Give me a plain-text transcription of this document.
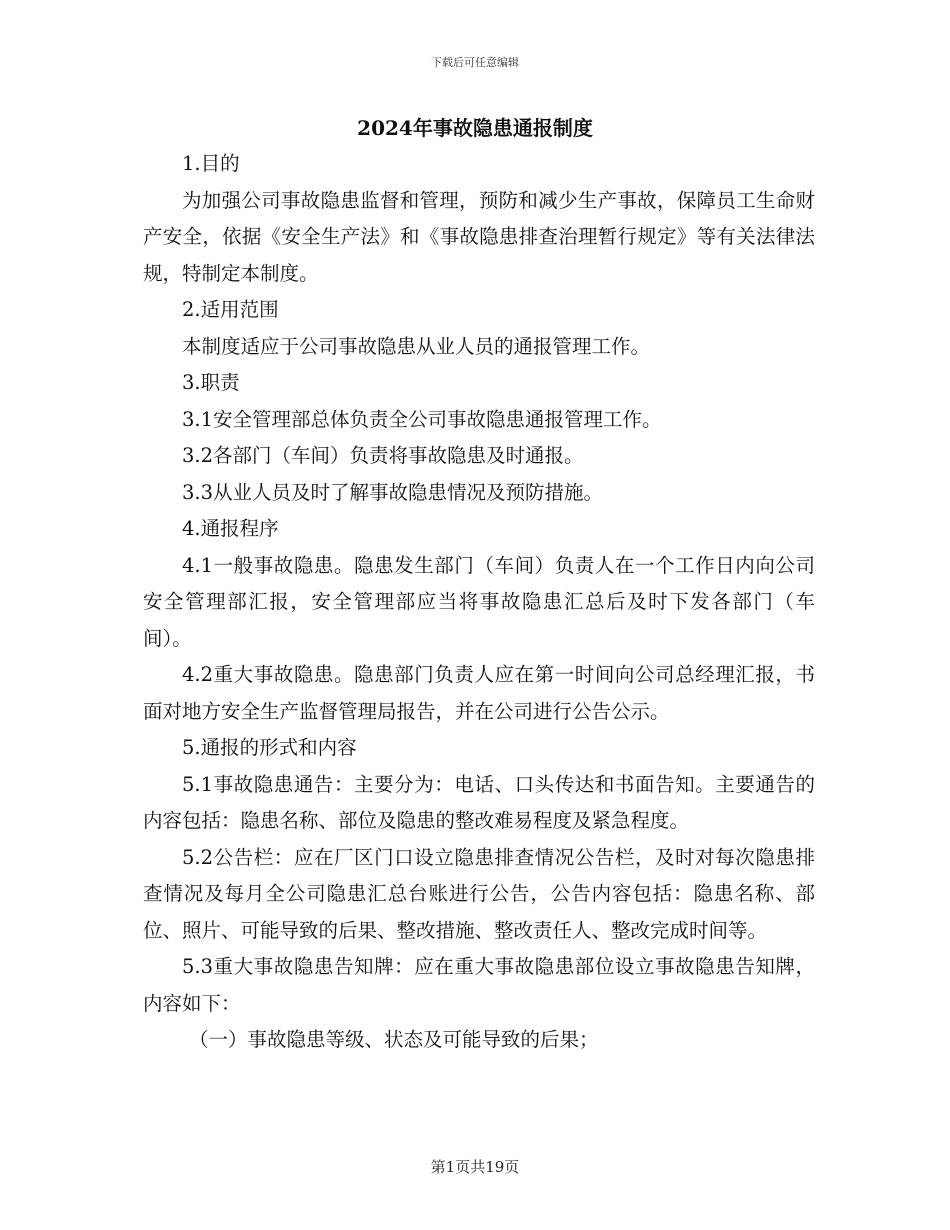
下载后可任意编辑
2024年事故隐患通报制度

1.目的

为加强公司事故隐患监督和管理，预防和减少生产事故，保障员工生命财产安全，依据《安全生产法》和《事故隐患排查治理暂行规定》等有关法律法规，特制定本制度。

2.适用范围

本制度适应于公司事故隐患从业人员的通报管理工作。

3.职责

3.1安全管理部总体负责全公司事故隐患通报管理工作。

3.2各部门（车间）负责将事故隐患及时通报。

3.3从业人员及时了解事故隐患情况及预防措施。

4.通报程序

4.1一般事故隐患。隐患发生部门（车间）负责人在一个工作日内向公司安全管理部汇报，安全管理部应当将事故隐患汇总后及时下发各部门（车间）。

4.2重大事故隐患。隐患部门负责人应在第一时间向公司总经理汇报，书面对地方安全生产监督管理局报告，并在公司进行公告公示。

5.通报的形式和内容

5.1事故隐患通告：主要分为：电话、口头传达和书面告知。主要通告的内容包括：隐患名称、部位及隐患的整改难易程度及紧急程度。

5.2公告栏：应在厂区门口设立隐患排查情况公告栏，及时对每次隐患排查情况及每月全公司隐患汇总台账进行公告，公告内容包括：隐患名称、部位、照片、可能导致的后果、整改措施、整改责任人、整改完成时间等。

5.3重大事故隐患告知牌：应在重大事故隐患部位设立事故隐患告知牌，内容如下：

（一）事故隐患等级、状态及可能导致的后果；

第1页共19页
